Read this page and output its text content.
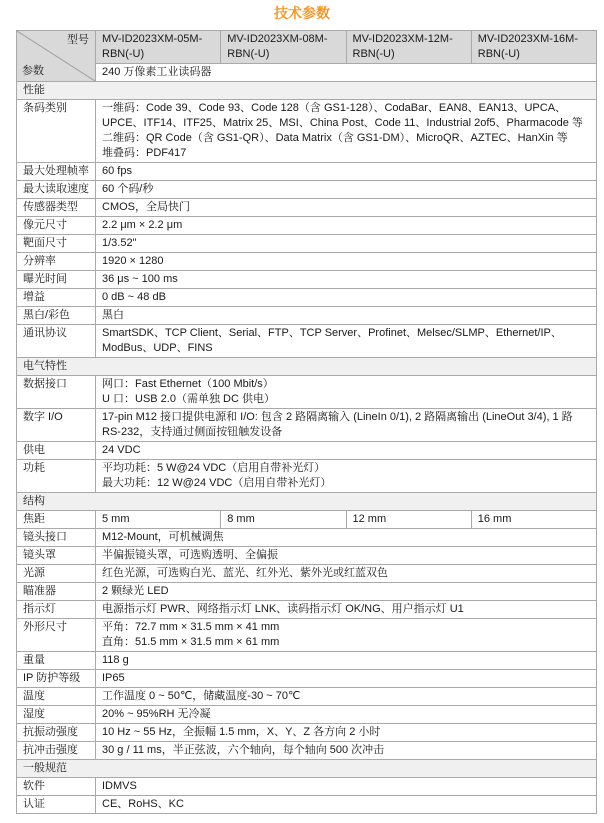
技术参数
型号
参数	MV-ID2023XM-05M-RBN(-U)	MV-ID2023XM-08M-RBN(-U)	MV-ID2023XM-12M-RBN(-U)	MV-ID2023XM-16M-RBN(-U)
	240 万像素工业读码器			
性能				
条码类别	一维码：Code 39、Code 93、Code 128（含 GS1-128）、CodaBar、EAN8、EAN13、UPCA、UPCE、ITF14、ITF25、Matrix 25、MSI、China Post、Code 11、Industrial 2of5、Pharmacode 等
二维码：QR Code（含 GS1-QR）、Data Matrix（含 GS1-DM）、MicroQR、AZTEC、HanXin 等
堆叠码：PDF417			

最大处理帧率	60 fps			
最大读取速度	60 个码/秒			
传感器类型	CMOS，全局快门			
像元尺寸	2.2 μm × 2.2 μm			
靶面尺寸	1/3.52"			
分辨率	1920 × 1280			
曝光时间	36 μs ~ 100 ms			
增益	0 dB ~ 48 dB			
黑白/彩色	黑白			
通讯协议	SmartSDK、TCP Client、Serial、FTP、TCP Server、Profinet、Melsec/SLMP、Ethernet/IP、ModBus、UDP、FINS			
电气特性				
数据接口	网口：Fast Ethernet（100 Mbit/s）
U 口：USB 2.0（需单独 DC 供电）			

数字 I/O	17-pin M12 接口提供电源和 I/O: 包含 2 路隔离输入 (LineIn 0/1), 2 路隔离输出 (LineOut 3/4), 1 路 RS-232，支持通过侧面按钮触发设备			
供电	24 VDC			
功耗	平均功耗：5 W@24 VDC（启用自带补光灯）
最大功耗：12 W@24 VDC（启用自带补光灯）			

结构				
焦距	5 mm	8 mm	12 mm	16 mm
镜头接口	M12-Mount，可机械调焦			
镜头罩	半偏振镜头罩，可选购透明、全偏振			
光源	红色光源，可选购白光、蓝光、红外光、紫外光或红蓝双色			
瞄准器	2 颗绿光 LED			
指示灯	电源指示灯 PWR、网络指示灯 LNK、读码指示灯 OK/NG、用户指示灯 U1			
外形尺寸	平角：72.7 mm × 31.5 mm × 41 mm
直角：51.5 mm × 31.5 mm × 61 mm			

重量	118 g			
IP 防护等级	IP65			
温度	工作温度 0 ~ 50℃，储藏温度-30 ~ 70℃			
湿度	20% ~ 95%RH 无冷凝			
抗振动强度	10 Hz ~ 55 Hz，全振幅 1.5 mm，X、Y、Z 各方向 2 小时			
抗冲击强度	30 g / 11 ms，半正弦波，六个轴向，每个轴向 500 次冲击			
一般规范				
软件	IDMVS			
认证	CE、RoHS、KC			
